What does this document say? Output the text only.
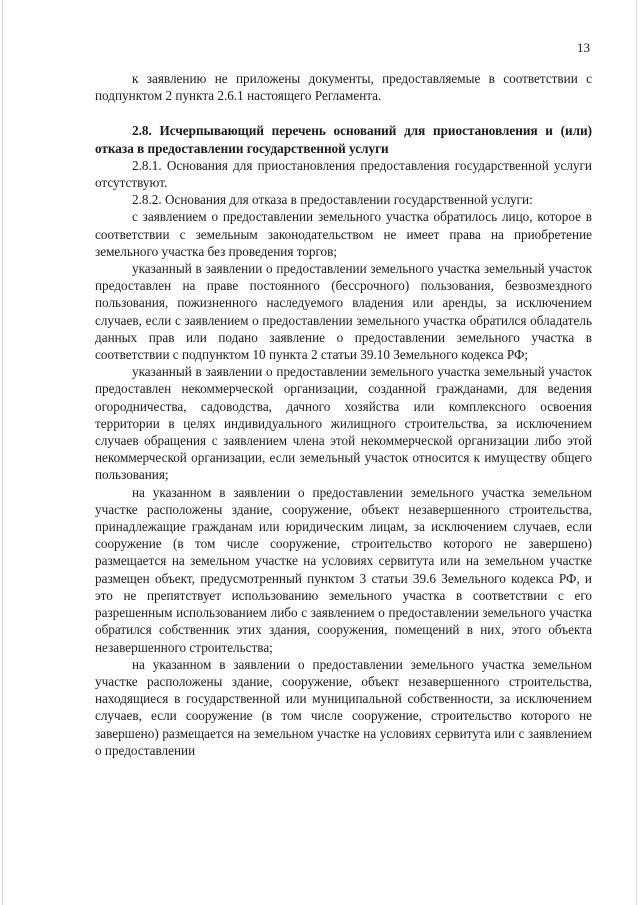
13

к заявлению не приложены документы, предоставляемые в соответствии с подпунктом 2 пункта 2.6.1 настоящего Регламента.

2.8. Исчерпывающий перечень оснований для приостановления и (или) отказа в предоставлении государственной услуги

2.8.1. Основания для приостановления предоставления государственной услуги отсутствуют.

2.8.2. Основания для отказа в предоставлении государственной услуги:

с заявлением о предоставлении земельного участка обратилось лицо, которое в соответствии с земельным законодательством не имеет права на приобретение земельного участка без проведения торгов;

указанный в заявлении о предоставлении земельного участка земельный участок предоставлен на праве постоянного (бессрочного) пользования, безвозмездного пользования, пожизненного наследуемого владения или аренды, за исключением случаев, если с заявлением о предоставлении земельного участка обратился обладатель данных прав или подано заявление о предоставлении земельного участка в соответствии с подпунктом 10 пункта 2 статьи 39.10 Земельного кодекса РФ;

указанный в заявлении о предоставлении земельного участка земельный участок предоставлен некоммерческой организации, созданной гражданами, для ведения огородничества, садоводства, дачного хозяйства или комплексного освоения территории в целях индивидуального жилищного строительства, за исключением случаев обращения с заявлением члена этой некоммерческой организации либо этой некоммерческой организации, если земельный участок относится к имуществу общего пользования;

на указанном в заявлении о предоставлении земельного участка земельном участке расположены здание, сооружение, объект незавершенного строительства, принадлежащие гражданам или юридическим лицам, за исключением случаев, если сооружение (в том числе сооружение, строительство которого не завершено) размещается на земельном участке на условиях сервитута или на земельном участке размещен объект, предусмотренный пунктом 3 статьи 39.6 Земельного кодекса РФ, и это не препятствует использованию земельного участка в соответствии с его разрешенным использованием либо с заявлением о предоставлении земельного участка обратился собственник этих здания, сооружения, помещений в них, этого объекта незавершенного строительства;

на указанном в заявлении о предоставлении земельного участка земельном участке расположены здание, сооружение, объект незавершенного строительства, находящиеся в государственной или муниципальной собственности, за исключением случаев, если сооружение (в том числе сооружение, строительство которого не завершено) размещается на земельном участке на условиях сервитута или с заявлением о предоставлении
